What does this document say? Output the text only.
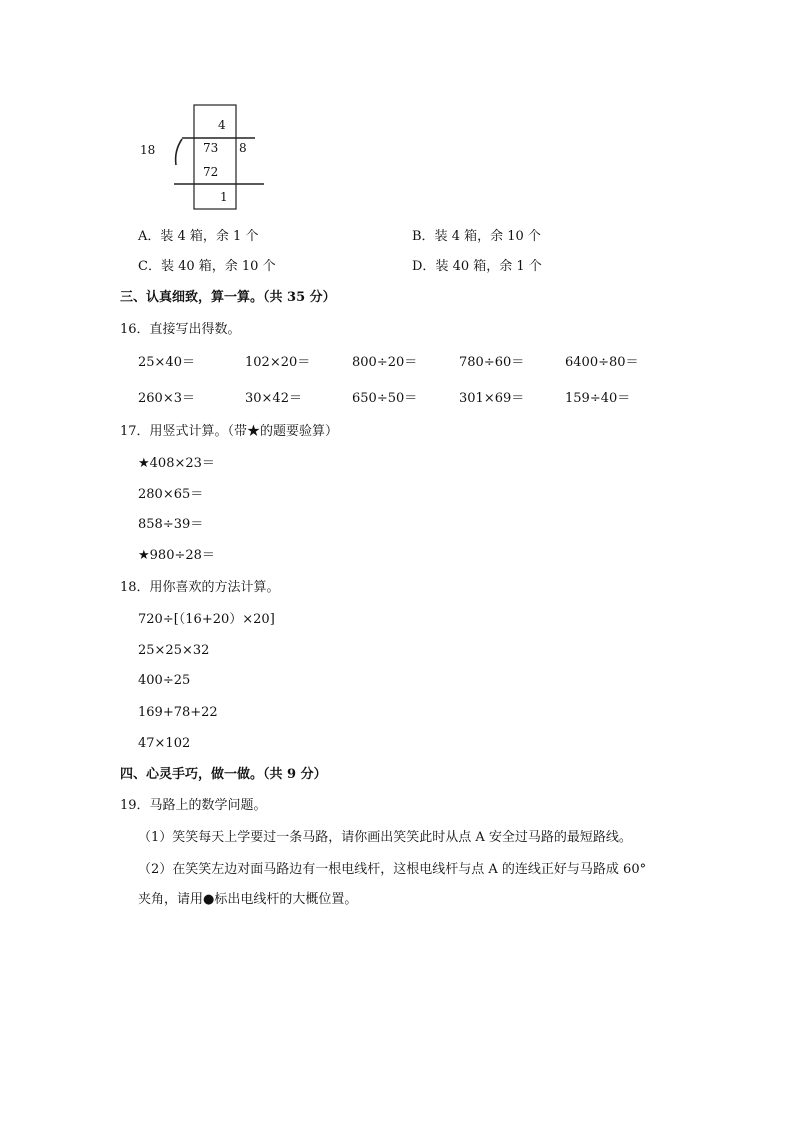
18
4
73 8
72
1
A．装 4 箱，余 1 个	B．装 4 箱，余 10 个
C．装 40 箱，余 10 个	D．装 40 箱，余 1 个
三、认真细致，算一算。（共 35 分）
16．直接写出得数。
25×40＝	102×20＝	800÷20＝	780÷60＝	6400÷80＝
260×3＝	30×42＝	650÷50＝	301×69＝	159÷40＝
17．用竖式计算。（带★的题要验算）
★408×23＝
280×65＝
858÷39＝
★980÷28＝
18．用你喜欢的方法计算。
720÷[（16+20）×20]
25×25×32
400÷25
169+78+22
47×102
四、心灵手巧，做一做。（共 9 分）
19．马路上的数学问题。
（1）笑笑每天上学要过一条马路，请你画出笑笑此时从点 A 安全过马路的最短路线。
（2）在笑笑左边对面马路边有一根电线杆，这根电线杆与点 A 的连线正好与马路成 60°
夹角，请用●标出电线杆的大概位置。
